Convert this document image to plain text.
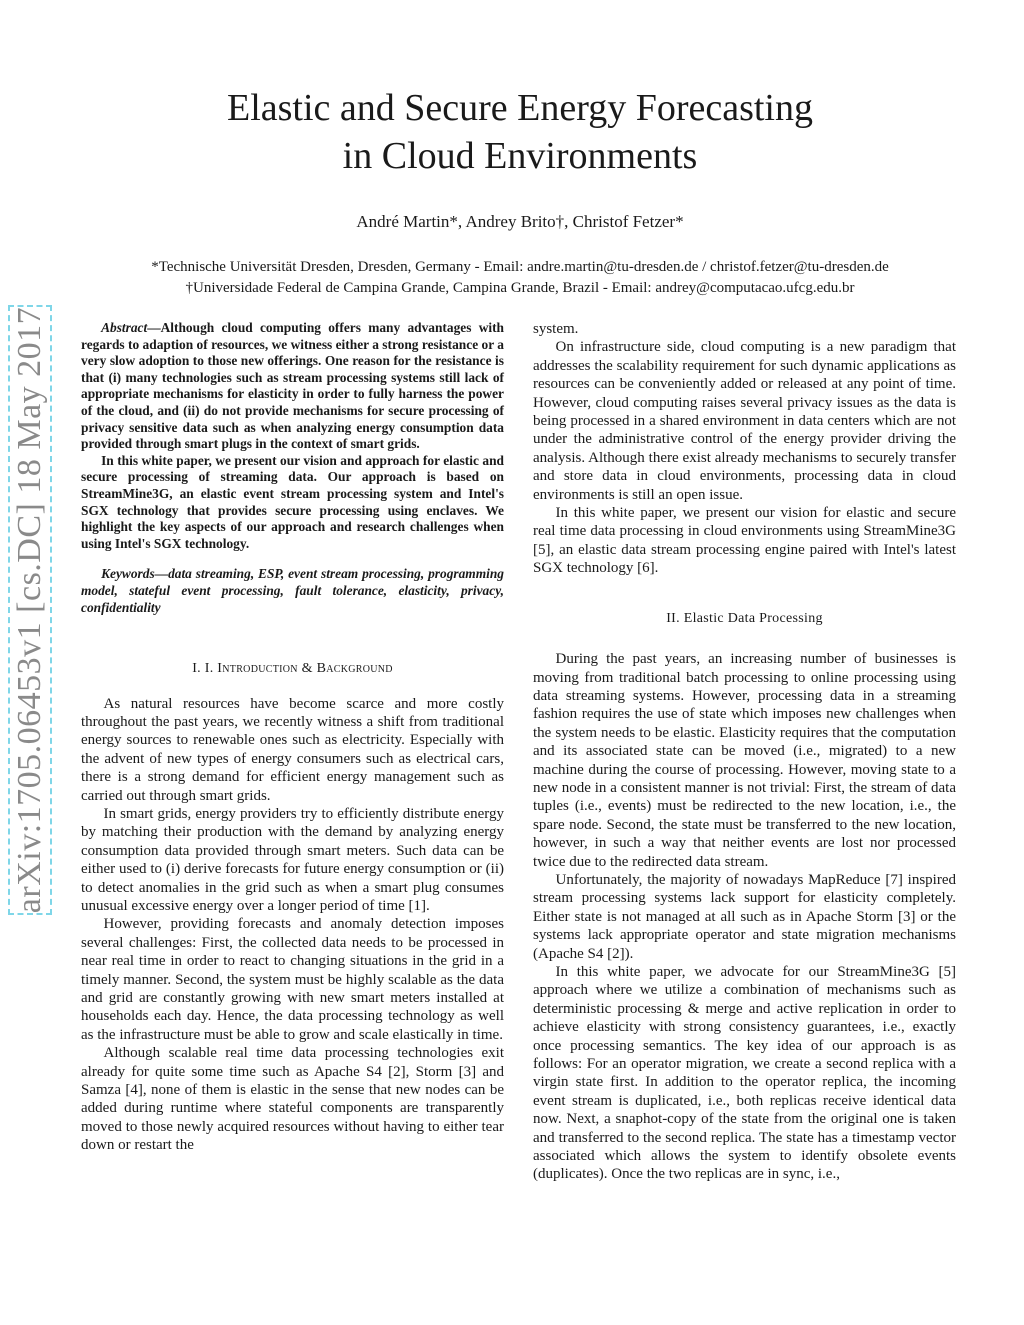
arXiv:1705.06453v1 [cs.DC] 18 May 2017
Elastic and Secure Energy Forecasting
in Cloud Environments
André Martin*, Andrey Brito†, Christof Fetzer*
*Technische Universität Dresden, Dresden, Germany - Email: andre.martin@tu-dresden.de / christof.fetzer@tu-dresden.de
†Universidade Federal de Campina Grande, Campina Grande, Brazil - Email: andrey@computacao.ufcg.edu.br

Abstract—Although cloud computing offers many advantages with regards to adaption of resources, we witness either a strong resistance or a very slow adoption to those new offerings. One reason for the resistance is that (i) many technologies such as stream processing systems still lack of appropriate mechanisms for elasticity in order to fully harness the power of the cloud, and (ii) do not provide mechanisms for secure processing of privacy sensitive data such as when analyzing energy consumption data provided through smart plugs in the context of smart grids.

In this white paper, we present our vision and approach for elastic and secure processing of streaming data. Our approach is based on StreamMine3G, an elastic event stream processing system and Intel's SGX technology that provides secure processing using enclaves. We highlight the key aspects of our approach and research challenges when using Intel's SGX technology.

Keywords—data streaming, ESP, event stream processing, programming model, stateful event processing, fault tolerance, elasticity, privacy, confidentiality

I. I. Introduction & Background

As natural resources have become scarce and more costly throughout the past years, we recently witness a shift from traditional energy sources to renewable ones such as electricity. Especially with the advent of new types of energy consumers such as electrical cars, there is a strong demand for efficient energy management such as carried out through smart grids.

In smart grids, energy providers try to efficiently distribute energy by matching their production with the demand by analyzing energy consumption data provided through smart meters. Such data can be either used to (i) derive forecasts for future energy consumption or (ii) to detect anomalies in the grid such as when a smart plug consumes unusual excessive energy over a longer period of time [1].

However, providing forecasts and anomaly detection imposes several challenges: First, the collected data needs to be processed in near real time in order to react to changing situations in the grid in a timely manner. Second, the system must be highly scalable as the data and grid are constantly growing with new smart meters installed at households each day. Hence, the data processing technology as well as the infrastructure must be able to grow and scale elastically in time.

Although scalable real time data processing technologies exit already for quite some time such as Apache S4 [2], Storm [3] and Samza [4], none of them is elastic in the sense that new nodes can be added during runtime where stateful components are transparently moved to those newly acquired resources without having to either tear down or restart the

system.

On infrastructure side, cloud computing is a new paradigm that addresses the scalability requirement for such dynamic applications as resources can be conveniently added or released at any point of time. However, cloud computing raises several privacy issues as the data is being processed in a shared environment in data centers which are not under the administrative control of the energy provider driving the analysis. Although there exist already mechanisms to securely transfer and store data in cloud environments, processing data in cloud environments is still an open issue.

In this white paper, we present our vision for elastic and secure real time data processing in cloud environments using StreamMine3G [5], an elastic data stream processing engine paired with Intel's latest SGX technology [6].

II. Elastic Data Processing

During the past years, an increasing number of businesses is moving from traditional batch processing to online processing using data streaming systems. However, processing data in a streaming fashion requires the use of state which imposes new challenges when the system needs to be elastic. Elasticity requires that the computation and its associated state can be moved (i.e., migrated) to a new machine during the course of processing. However, moving state to a new node in a consistent manner is not trivial: First, the stream of data tuples (i.e., events) must be redirected to the new location, i.e., the spare node. Second, the state must be transferred to the new location, however, in such a way that neither events are lost nor processed twice due to the redirected data stream.

Unfortunately, the majority of nowadays MapReduce [7] inspired stream processing systems lack support for elasticity completely. Either state is not managed at all such as in Apache Storm [3] or the systems lack appropriate operator and state migration mechanisms (Apache S4 [2]).

In this white paper, we advocate for our StreamMine3G [5] approach where we utilize a combination of mechanisms such as deterministic processing & merge and active replication in order to achieve elasticity with strong consistency guarantees, i.e., exactly once processing semantics. The key idea of our approach is as follows: For an operator migration, we create a second replica with a virgin state first. In addition to the operator replica, the incoming event stream is duplicated, i.e., both replicas receive identical data now. Next, a snaphot-copy of the state from the original one is taken and transferred to the second replica. The state has a timestamp vector associated which allows the system to identify obsolete events (duplicates). Once the two replicas are in sync, i.e.,
